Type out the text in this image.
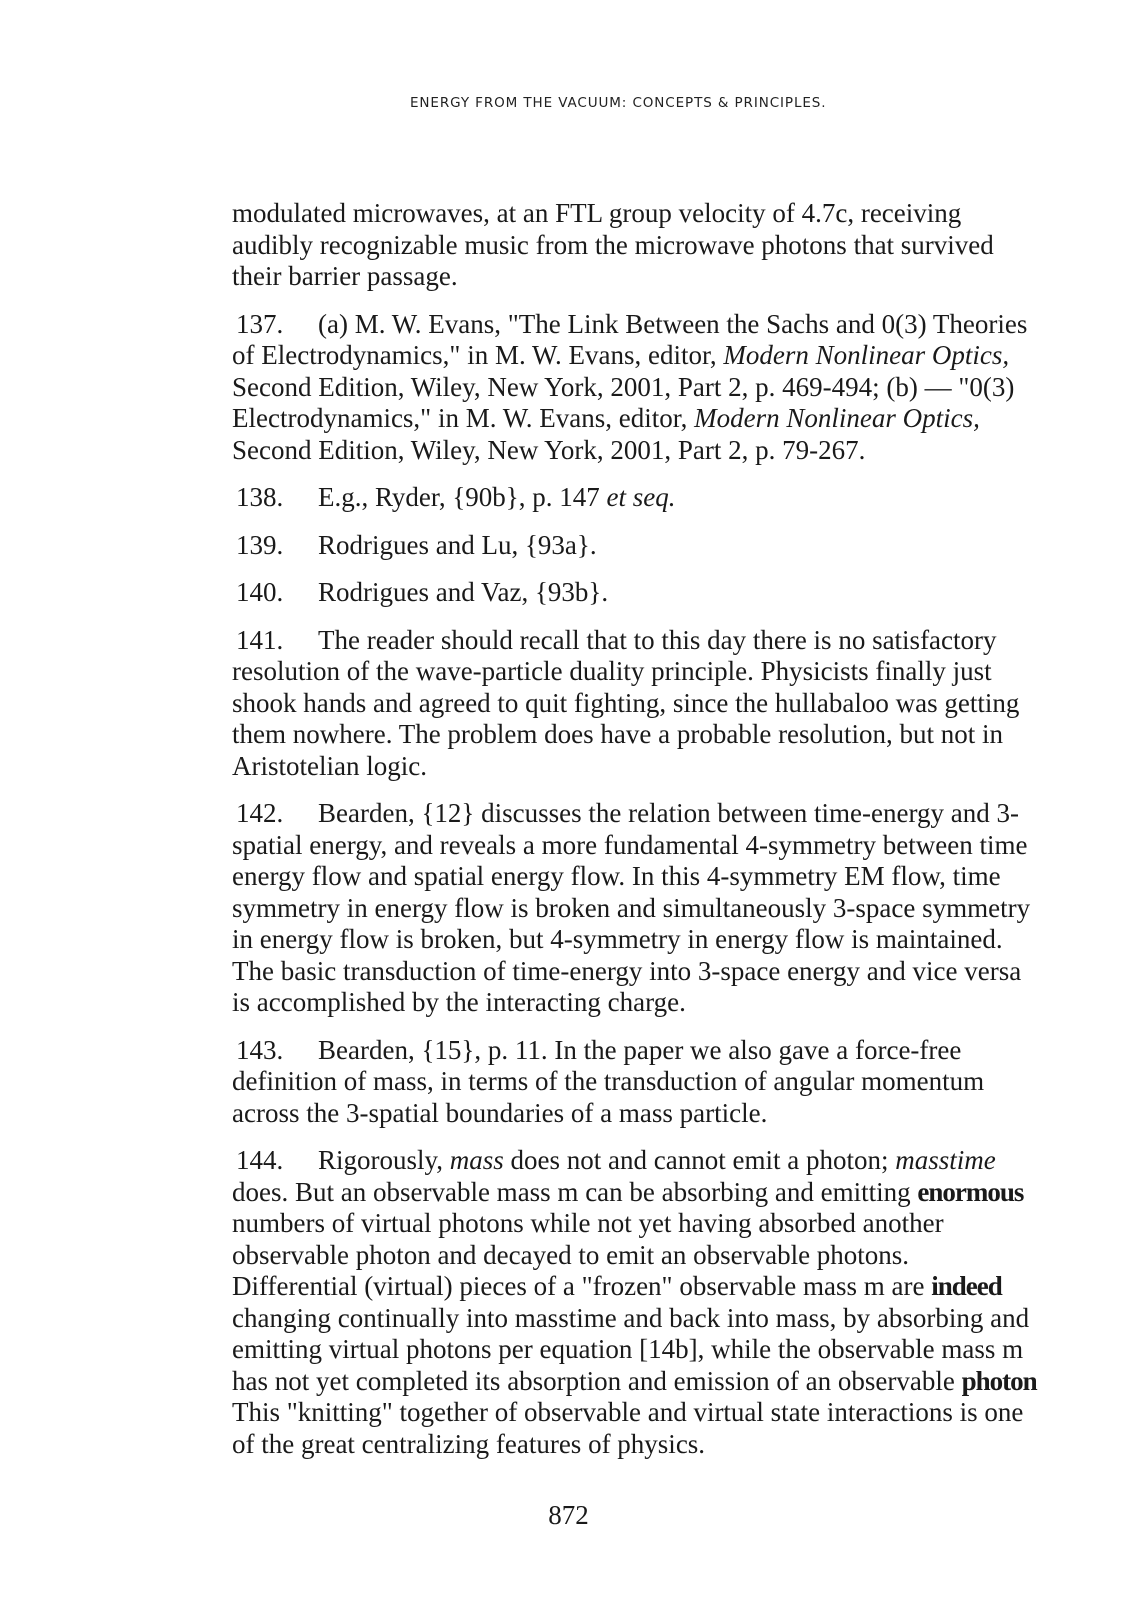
ENERGY FROM THE VACUUM: CONCEPTS & PRINCIPLES.
modulated microwaves, at an FTL group velocity of 4.7c, receiving
audibly recognizable music from the microwave photons that survived
their barrier passage.
137. (a) M. W. Evans, "The Link Between the Sachs and 0(3) Theories
of Electrodynamics," in M. W. Evans, editor, Modern Nonlinear Optics,
Second Edition, Wiley, New York, 2001, Part 2, p. 469-494; (b) — "0(3)
Electrodynamics," in M. W. Evans, editor, Modern Nonlinear Optics,
Second Edition, Wiley, New York, 2001, Part 2, p. 79-267.
138. E.g., Ryder, {90b}, p. 147 et seq.
139. Rodrigues and Lu, {93a}.
140. Rodrigues and Vaz, {93b}.
141. The reader should recall that to this day there is no satisfactory
resolution of the wave-particle duality principle. Physicists finally just
shook hands and agreed to quit fighting, since the hullabaloo was getting
them nowhere. The problem does have a probable resolution, but not in
Aristotelian logic.
142. Bearden, {12} discusses the relation between time-energy and 3-
spatial energy, and reveals a more fundamental 4-symmetry between time
energy flow and spatial energy flow. In this 4-symmetry EM flow, time
symmetry in energy flow is broken and simultaneously 3-space symmetry
in energy flow is broken, but 4-symmetry in energy flow is maintained.
The basic transduction of time-energy into 3-space energy and vice versa
is accomplished by the interacting charge.
143. Bearden, {15}, p. 11. In the paper we also gave a force-free
definition of mass, in terms of the transduction of angular momentum
across the 3-spatial boundaries of a mass particle.
144. Rigorously, mass does not and cannot emit a photon; masstime
does. But an observable mass m can be absorbing and emitting enormous
numbers of virtual photons while not yet having absorbed another
observable photon and decayed to emit an observable photons.
Differential (virtual) pieces of a "frozen" observable mass m are indeed
changing continually into masstime and back into mass, by absorbing and
emitting virtual photons per equation [14b], while the observable mass m
has not yet completed its absorption and emission of an observable photon
This "knitting" together of observable and virtual state interactions is one
of the great centralizing features of physics.
872
